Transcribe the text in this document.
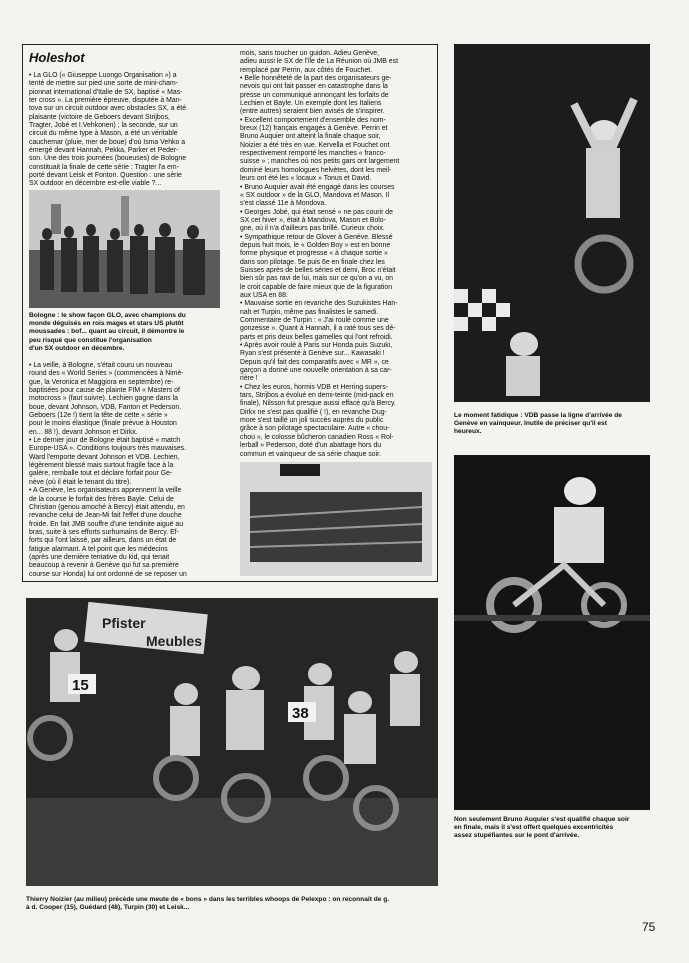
Holeshot
• La GLO (« Giuseppe Luongo Organisation ») a
tenté de mettre sur pied une sorte de mini-cham-
pionnat international d'Italie de SX, baptisé « Mas-
ter cross ». La première épreuve, disputée à Man-
tova sur un circuit outdoor avec obstacles SX, a été
plaisante (victoire de Geboers devant Strijbos,
Tragter, Jobé et I.Vehkonen) ; la seconde, sur un
circuit du même type à Mason, a été un véritable
cauchemar (pluie, mer de boue) d'où Isma Vehko a
émergé devant Hannah, Pekka, Parker et Peder-
son. Une des trois journées (boueuses) de Bologne
constituait la finale de cette série : Tragter l'a em-
porté devant Leisk et Fonton. Question : une série
SX outdoor en décembre est-elle viable ?...
Bologne : le show façon GLO, avec champions du
monde déguisés en rois mages et stars US plutôt
moussades : bof... quant au circuit, il démontre le
peu risqué que constitue l'organisation
d'un SX outdoor en décembre.
• La veille, à Bologne, s'était couru un nouveau
round des « World Series » (commencées à Nimè-
gue, la Veronica et Maggiora en septembre) re-
baptisées pour cause de plainte FIM « Masters of
motocross » (faut suivre). Lechien gagne dans la
boue, devant Johnson, VDB, Fanton et Pederson.
Geboers (12e !) tient la tête de cette « série »
pour le moins élastique (finale prévue à Houston
en... 88 !), devant Johnson et Dirkx.
• Le dernier jour de Bologne était baptisé « match
Europe-USA ». Conditions toujours très mauvaises.
Ward l'emporte devant Johnson et VDB. Lechien,
légèrement blessé mais surtout fragile face à la
galère, remballe tout et déclare forfait pour Ge-
nève (où il était le tenant du titre).
• A Genève, les organisateurs apprennent la veille
de la course le forfait des frères Bayle. Celui de
Christian (genou amoché à Bercy) était attendu, en
revanche celui de Jean-Mi fait l'effet d'une douche
froide. En fait JMB souffre d'une tendinite aiguë au
bras, suite à ses efforts surhumains de Bercy. Ef-
forts qui l'ont laissé, par ailleurs, dans un état de
fatigue alarmant. A tel point que les médecins
(après une dernière tentative du kid, qui tenait
beaucoup à revenir à Genève qui fut sa première
course sur Honda) lui ont ordonné de se reposer un
mois, sans toucher un guidon. Adieu Genève,
adieu aussi le SX de l'île de La Réunion où JMB est
remplacé par Perrin, aux côtés de Fouchet.
• Belle honnêteté de la part des organisateurs ge-
nevois qui ont fait passer en catastrophe dans la
presse un communiqué annonçant les forfaits de
Lechien et Bayle. Un exemple dont les Italiens
(entre autres) seraient bien avisés de s'inspirer.
• Excellent comportement d'ensemble des nom-
breux (12) français engagés à Genève. Perrin et
Bruno Auquier ont atteint la finale chaque soir,
Noizier a été très en vue. Kervella et Fouchet ont
respectivement remporté les manches « franco-
suisse » ; manches où nos petits gars ont largement
dominé leurs homologues helvètes, dont les meil-
leurs ont été les « locaux » Tonus et David.
• Bruno Auquier avait été engagé dans les courses
« SX outdoor » de la GLO, Mandova et Mason. Il
s'est classé 11e à Mondova.
• Georges Jobé, qui était sensé « ne pas courir de
SX cet hiver », était à Mandova, Mason et Bolo-
gne, où il n'a d'ailleurs pas brillé. Curieux choix.
• Sympathique retour de Glover à Genève. Blessé
depuis huit mois, le « Golden Boy » est en bonne
forme physique et progresse « à chaque sortie »
dans son pilotage. 5e puis 6e en finale chez les
Suisses après de belles séries et demi, Broc n'était
bien sûr pas ravi de lui, mais sur ce qu'on a vu, on
le croit capable de faire mieux que de la figuration
aux USA en 88.
• Mauvaise sortie en revanche des Suzukistes Han-
nah et Turpin, même pas finalistes le samedi.
Commentaire de Turpin : « J'ai roulé comme une
gonzesse ». Quant à Hannah, il a raté tous ses dé-
parts et pris deux belles gamelles qui l'ont refroidi.
• Après avoir roulé à Paris sur Honda puis Suzuki,
Ryan s'est présenté à Genève sur... Kawasaki !
Depuis qu'il fait des comparatifs avec « MR », ce
garçon a donné une nouvelle orientation à sa car-
rière !
• Chez les euros, hormis VDB et Herring supers-
tars, Strijbos a évolué en demi-teinte (mid-pack en
finale), Nilsson fut presque aussi effacé qu'à Bercy.
Dirkx ne s'est pas qualifié ( !), en revanche Dug-
more s'est taillé un joli succès auprès du public
grâce à son pilotage spectaculaire. Autre « chou-
chou », le colosse bûcheron canadien Ross « Rol-
lerball » Pederson, doté d'un abattage hors du
commun et vainqueur de sa série chaque soir.
Le moment fatidique : VDB passe la ligne d'arrivée de
Genève en vainqueur. Inutile de préciser qu'il est
heureux.
Non seulement Bruno Auquier s'est qualifié chaque soir
en finale, mais il s'est offert quelques excentricités
assez stupéfiantes sur le pont d'arrivée.
Pfister
Meubles
15
38
Thierry Noizier (au milieu) précède une meute de « bons » dans les terribles whoops de Pelexpo : on reconnait de g.
à d. Cooper (15), Guédard (48), Turpin (30) et Leisk...
75
